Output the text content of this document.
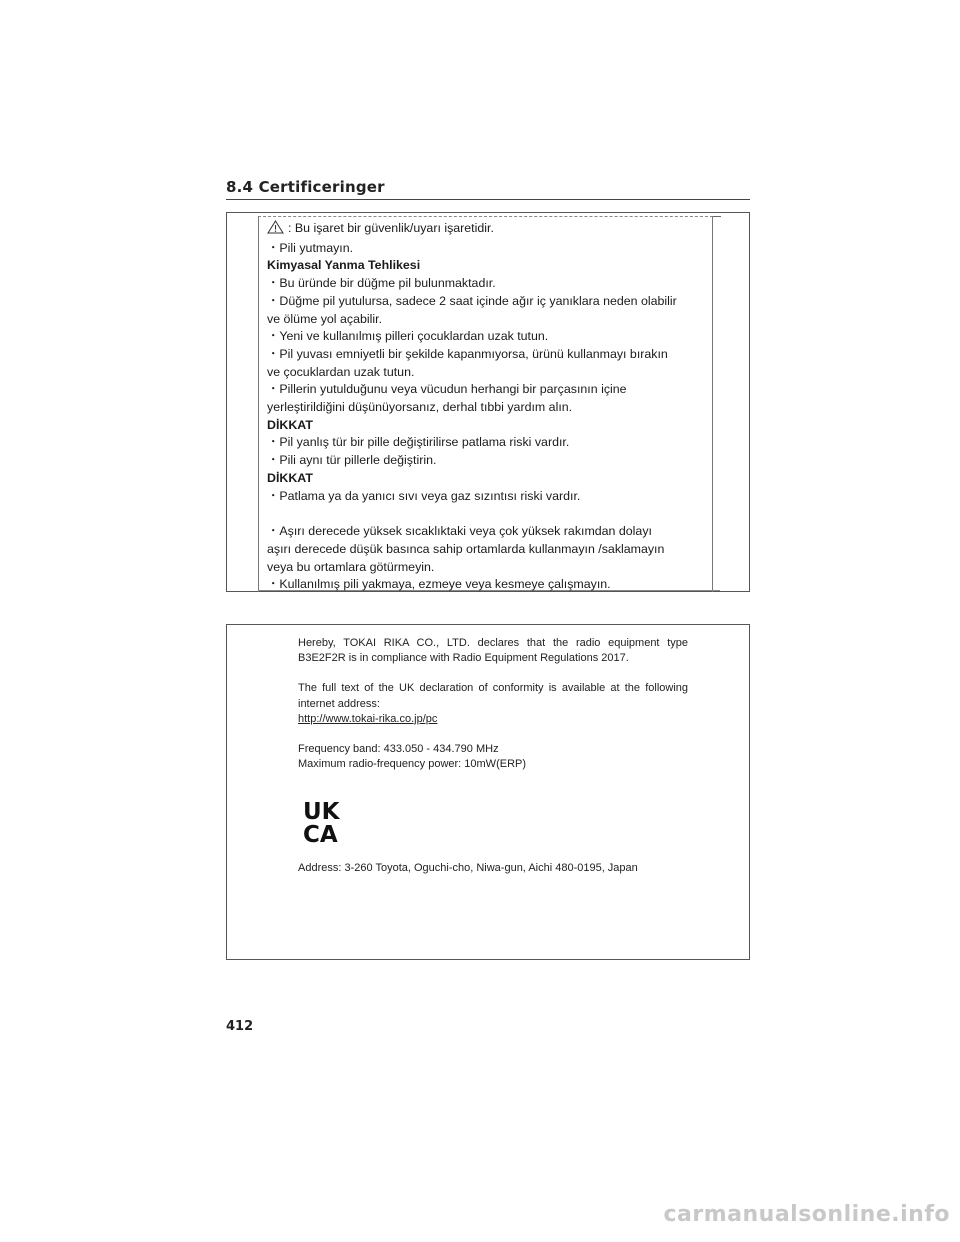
8.4 Certificeringer

: Bu işaret bir güvenlik/uyarı işaretidir.

・Pili yutmayın.

Kimyasal Yanma Tehlikesi

・Bu üründe bir düğme pil bulunmaktadır.

・Düğme pil yutulursa, sadece 2 saat içinde ağır iç yanıklara neden olabilir

ve ölüme yol açabilir.

・Yeni ve kullanılmış pilleri çocuklardan uzak tutun.

・Pil yuvası emniyetli bir şekilde kapanmıyorsa, ürünü kullanmayı bırakın

ve çocuklardan uzak tutun.

・Pillerin yutulduğunu veya vücudun herhangi bir parçasının içine

yerleştirildiğini düşünüyorsanız, derhal tıbbi yardım alın.

DİKKAT

・Pil yanlış tür bir pille değiştirilirse patlama riski vardır.

・Pili aynı tür pillerle değiştirin.

DİKKAT

・Patlama ya da yanıcı sıvı veya gaz sızıntısı riski vardır.

・Aşırı derecede yüksek sıcaklıktaki veya çok yüksek rakımdan dolayı

aşırı derecede düşük basınca sahip ortamlarda kullanmayın /saklamayın

veya bu ortamlara götürmeyin.

・Kullanılmış pili yakmaya, ezmeye veya kesmeye çalışmayın.

Hereby, TOKAI RIKA CO., LTD. declares that the radio equipment type B3E2F2R is in compliance with Radio Equipment Regulations 2017.

The full text of the UK declaration of conformity is available at the following internet address:

http://www.tokai-rika.co.jp/pc

Frequency band: 433.050 - 434.790 MHz

Maximum radio-frequency power: 10mW(ERP)

UK
CA
Address: 3-260 Toyota, Oguchi-cho, Niwa-gun, Aichi 480-0195, Japan
412
carmanualsonline.info
